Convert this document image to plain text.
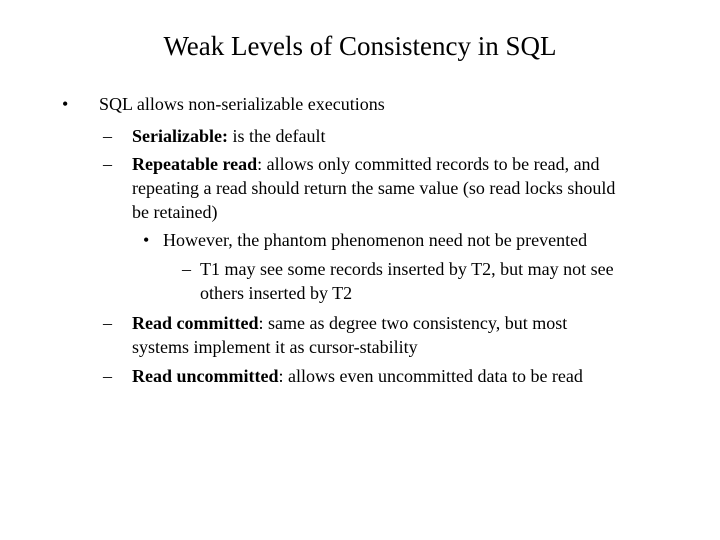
Weak Levels of Consistency in SQL
• SQL allows non-serializable executions
– Serializable: is the default
– Repeatable read: allows only committed records to be read, and
repeating a read should return the same value (so read locks should
be retained)
• However, the phantom phenomenon need not be prevented
– T1 may see some records inserted by T2, but may not see
others inserted by T2
– Read committed: same as degree two consistency, but most
systems implement it as cursor-stability
– Read uncommitted: allows even uncommitted data to be read
